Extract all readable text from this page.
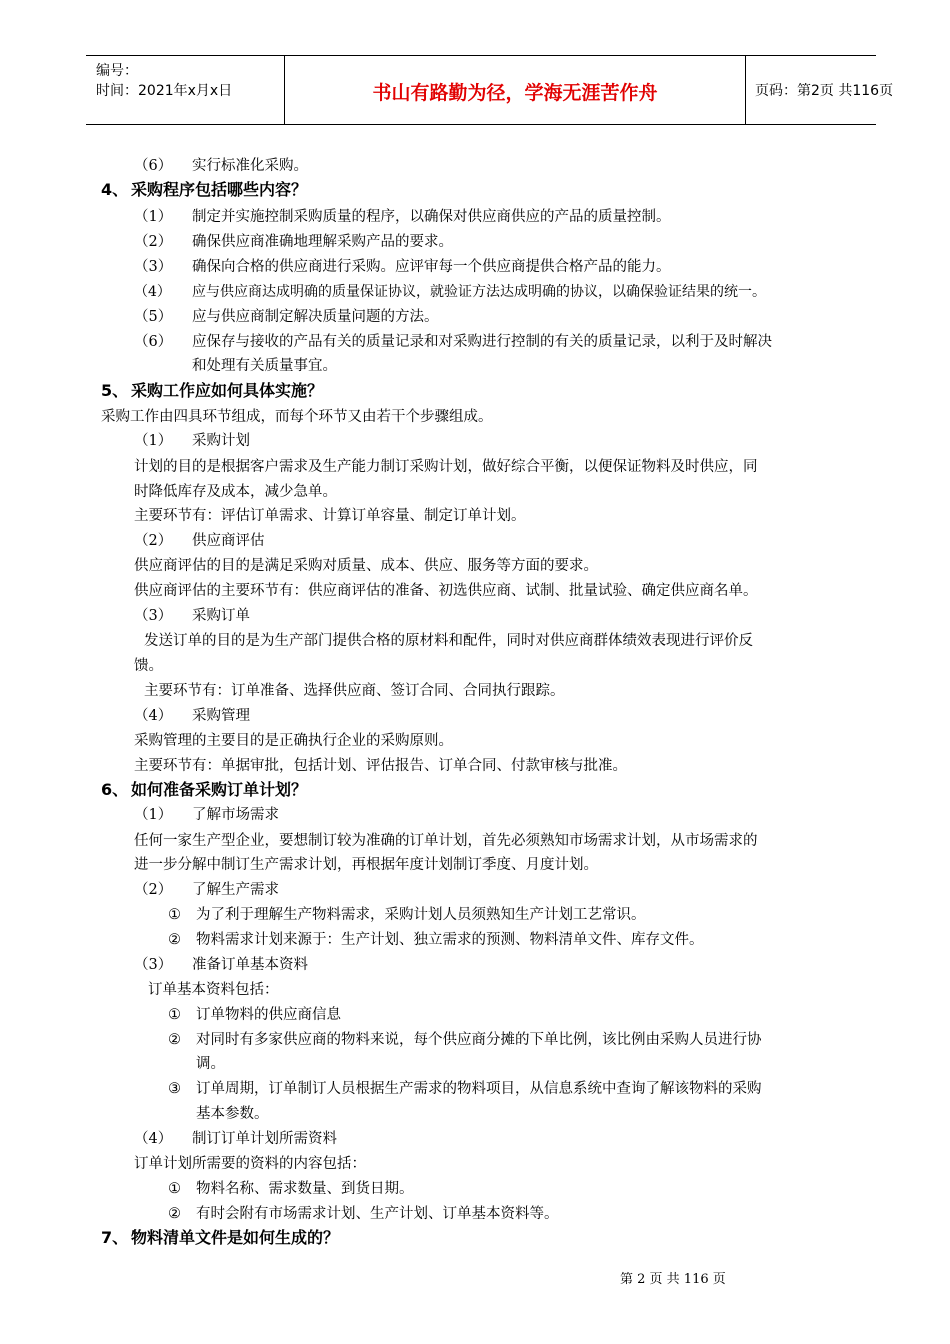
编号：
时间：2021年x月x日	书山有路勤为径，学海无涯苦作舟	页码：第2页 共116页
（6） 实行标准化采购。
4、 采购程序包括哪些内容？
（1） 制定并实施控制采购质量的程序，以确保对供应商供应的产品的质量控制。
（2） 确保供应商准确地理解采购产品的要求。
（3） 确保向合格的供应商进行采购。应评审每一个供应商提供合格产品的能力。
（4） 应与供应商达成明确的质量保证协议，就验证方法达成明确的协议，以确保验证结果的统一。
（5） 应与供应商制定解决质量问题的方法。
（6） 应保存与接收的产品有关的质量记录和对采购进行控制的有关的质量记录，以利于及时解决
和处理有关质量事宜。
5、 采购工作应如何具体实施？
采购工作由四具环节组成，而每个环节又由若干个步骤组成。
（1） 采购计划
计划的目的是根据客户需求及生产能力制订采购计划，做好综合平衡，以便保证物料及时供应，同
时降低库存及成本，减少急单。
主要环节有：评估订单需求、计算订单容量、制定订单计划。
（2） 供应商评估
供应商评估的目的是满足采购对质量、成本、供应、服务等方面的要求。
供应商评估的主要环节有：供应商评估的准备、初选供应商、试制、批量试验、确定供应商名单。
（3） 采购订单
发送订单的目的是为生产部门提供合格的原材料和配件，同时对供应商群体绩效表现进行评价反
馈。
主要环节有：订单准备、选择供应商、签订合同、合同执行跟踪。
（4） 采购管理
采购管理的主要目的是正确执行企业的采购原则。
主要环节有：单据审批，包括计划、评估报告、订单合同、付款审核与批准。
6、 如何准备采购订单计划？
（1） 了解市场需求
任何一家生产型企业，要想制订较为准确的订单计划，首先必须熟知市场需求计划，从市场需求的
进一步分解中制订生产需求计划，再根据年度计划制订季度、月度计划。
（2） 了解生产需求
① 为了利于理解生产物料需求，采购计划人员须熟知生产计划工艺常识。
② 物料需求计划来源于：生产计划、独立需求的预测、物料清单文件、库存文件。
（3） 准备订单基本资料
订单基本资料包括：
① 订单物料的供应商信息
② 对同时有多家供应商的物料来说，每个供应商分摊的下单比例，该比例由采购人员进行协
调。
③ 订单周期，订单制订人员根据生产需求的物料项目，从信息系统中查询了解该物料的采购
基本参数。
（4） 制订订单计划所需资料
订单计划所需要的资料的内容包括：
① 物料名称、需求数量、到货日期。
② 有时会附有市场需求计划、生产计划、订单基本资料等。
7、 物料清单文件是如何生成的？
第 2 页 共 116 页
